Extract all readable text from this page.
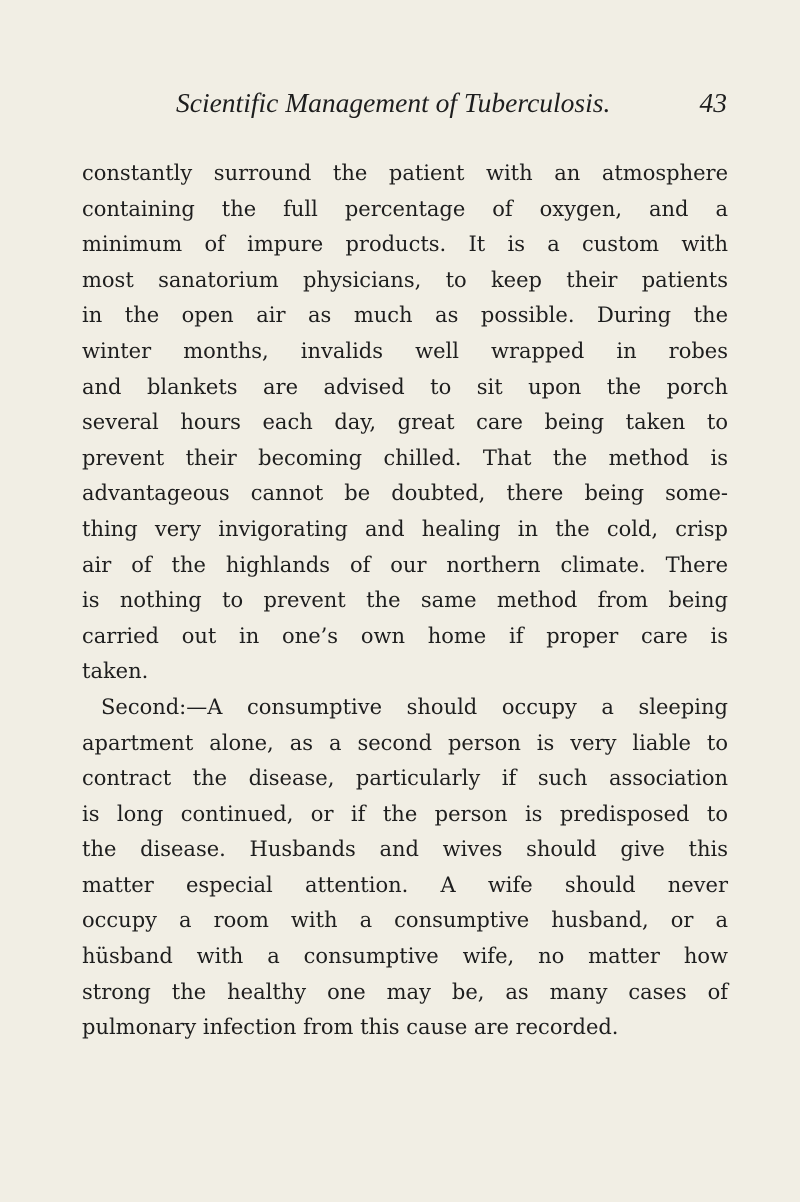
Scientific Management of Tuberculosis.	43
constantly surround the patient with an atmosphere
containing the full percentage of oxygen, and a
minimum of impure products. It is a custom with
most sanatorium physicians, to keep their patients
in the open air as much as possible. During the
winter months, invalids well wrapped in robes
and blankets are advised to sit upon the porch
several hours each day, great care being taken to
prevent their becoming chilled. That the method is
advantageous cannot be doubted, there being some-
thing very invigorating and healing in the cold, crisp
air of the highlands of our northern climate. There
is nothing to prevent the same method from being
carried out in one’s own home if proper care is
taken.
Second:—A consumptive should occupy a sleeping
apartment alone, as a second person is very liable to
contract the disease, particularly if such association
is long continued, or if the person is predisposed to
the disease. Husbands and wives should give this
matter especial attention. A wife should never
occupy a room with a consumptive husband, or a
hüsband with a consumptive wife, no matter how
strong the healthy one may be, as many cases of
pulmonary infection from this cause are recorded.
